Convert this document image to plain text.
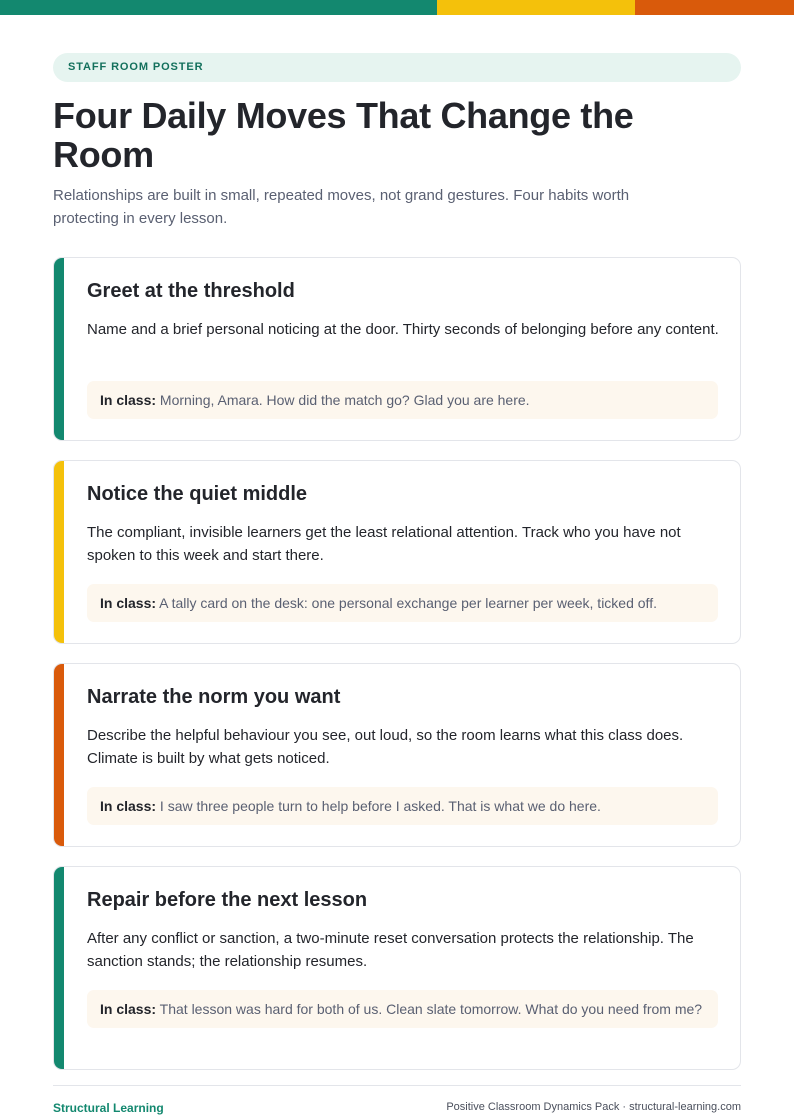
STAFF ROOM POSTER
Four Daily Moves That Change the Room

Relationships are built in small, repeated moves, not grand gestures. Four habits worth protecting in every lesson.

Greet at the threshold

Name and a brief personal noticing at the door. Thirty seconds of belonging before any content.

In class: Morning, Amara. How did the match go? Glad you are here.
Notice the quiet middle

The compliant, invisible learners get the least relational attention. Track who you have not spoken to this week and start there.

In class: A tally card on the desk: one personal exchange per learner per week, ticked off.
Narrate the norm you want

Describe the helpful behaviour you see, out loud, so the room learns what this class does. Climate is built by what gets noticed.

In class: I saw three people turn to help before I asked. That is what we do here.
Repair before the next lesson

After any conflict or sanction, a two-minute reset conversation protects the relationship. The sanction stands; the relationship resumes.

In class: That lesson was hard for both of us. Clean slate tomorrow. What do you need from me?
Structural Learning	Positive Classroom Dynamics Pack · structural-learning.com
